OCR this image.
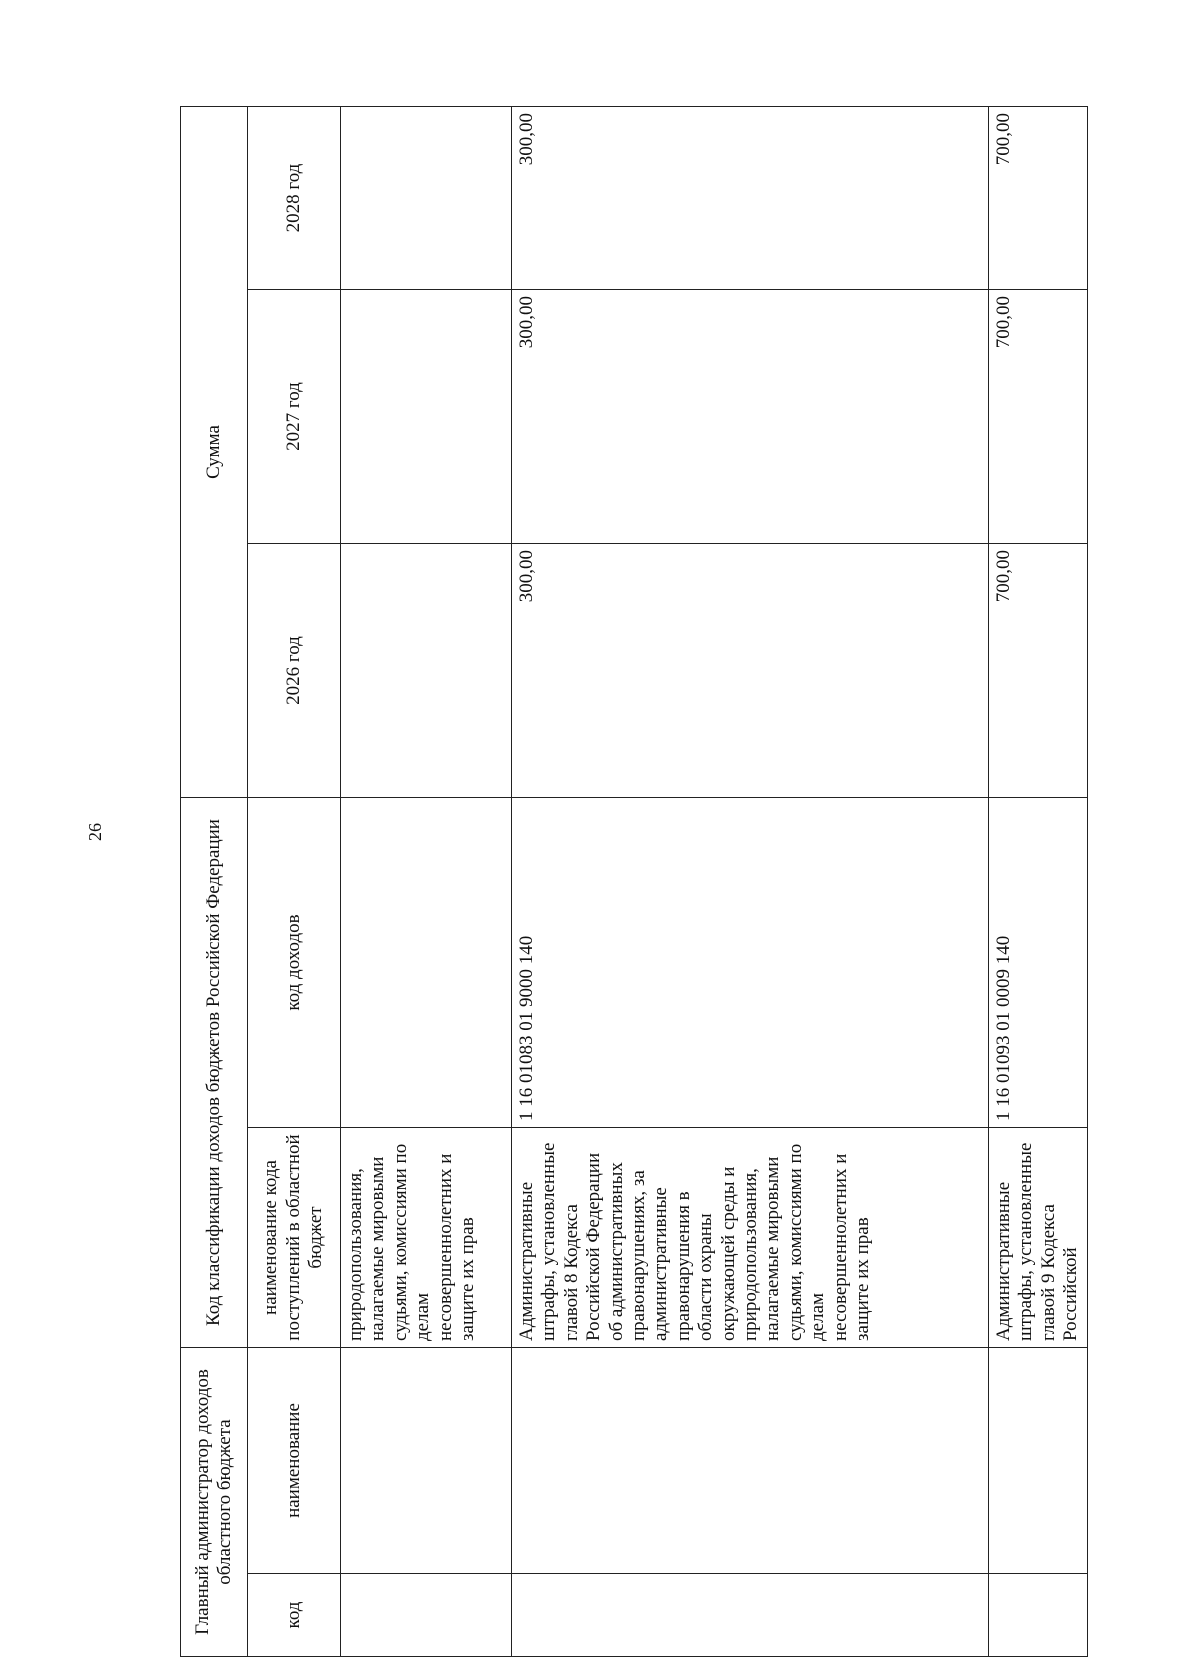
26
Главный администратор доходов областного бюджета		Код классификации доходов бюджетов Российской Федерации		Сумма		
код	наименование	наименование кода поступлений в областной бюджет	код доходов	2026 год	2027 год	2028 год
		природопользования, налагаемые мировыми судьями, комиссиями по делам несовершеннолетних и защите их прав				
		Административные штрафы, установленные главой 8 Кодекса Российской Федерации об административных правонарушениях, за административные правонарушения в области охраны окружающей среды и природопользования, налагаемые мировыми судьями, комиссиями по делам несовершеннолетних и защите их прав	1 16 01083 01 9000 140	300,00	300,00	300,00
		Административные штрафы, установленные главой 9 Кодекса Российской	1 16 01093 01 0009 140	700,00	700,00	700,00
